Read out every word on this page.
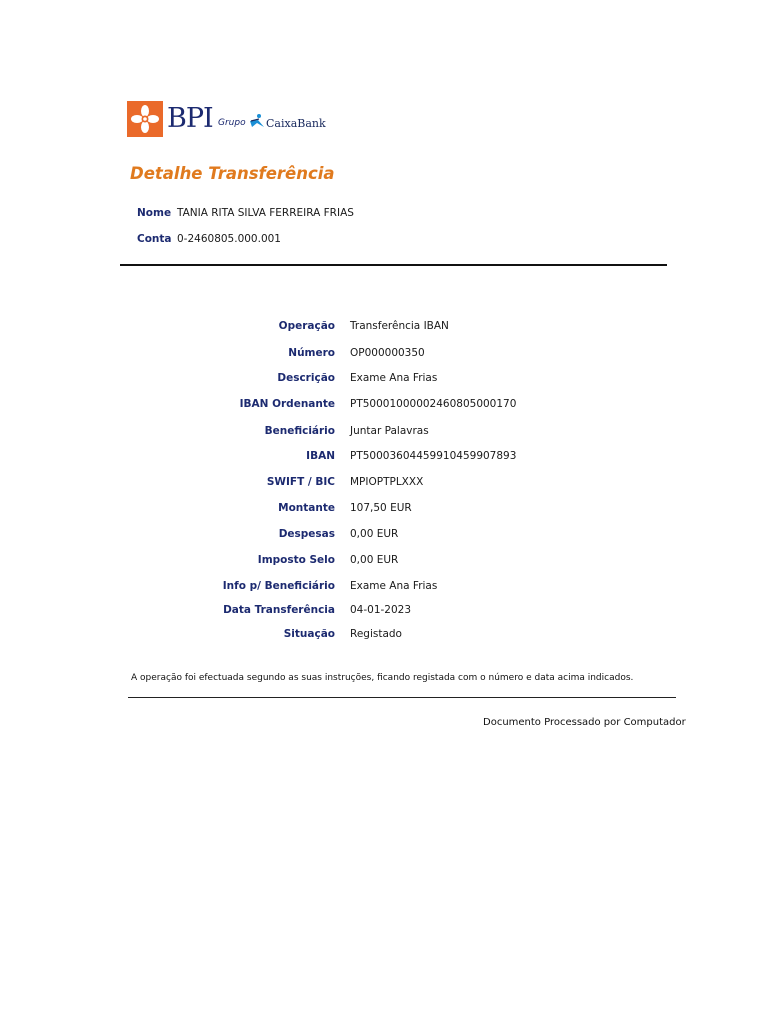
BPI Grupo CaixaBank
Detalhe Transferência
Nome TANIA RITA SILVA FERREIRA FRIAS
Conta 0-2460805.000.001
Operação Transferência IBAN
Número OP000000350
Descrição Exame Ana Frias
IBAN Ordenante PT50001000002460805000170
Beneficiário Juntar Palavras
IBAN PT50003604459910459907893
SWIFT / BIC MPIOPTPLXXX
Montante 107,50 EUR
Despesas 0,00 EUR
Imposto Selo 0,00 EUR
Info p/ Beneficiário Exame Ana Frias
Data Transferência 04-01-2023
Situação Registado
A operação foi efectuada segundo as suas instruções, ficando registada com o número e data acima indicados.
Documento Processado por Computador
